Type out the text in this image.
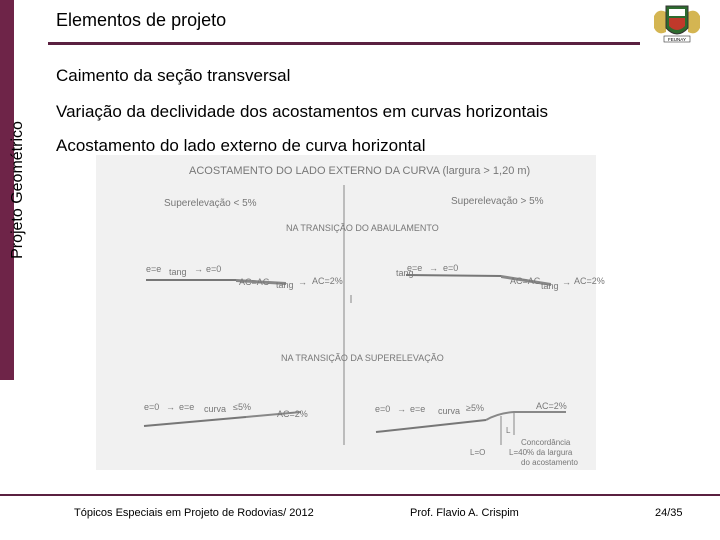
Projeto Geométrico
Elementos de projeto
FEUNAY
Caimento da seção transversal
Variação da declividade dos acostamentos em curvas horizontais
Acostamento do lado externo de curva horizontal
ACOSTAMENTO DO LADO EXTERNO DA CURVA (largura > 1,20 m)
Superelevação < 5%	Superelevação > 5%
NA TRANSIÇÃO DO ABAULAMENTO
NA TRANSIÇÃO DA SUPERELEVAÇÃO
e=e tang → e=0
AC=AC tang → AC=2%
e=e
tang → e=0
AC=AC tang → AC=2%
e=0 → e=e curva ≤5%
AC=2%	e=0 → e=e curva ≥5%	AC=2%
L
Concordância
L=40% da largura
do acostamento
L=O
Tópicos Especiais em Projeto de Rodovias/ 2012	Prof. Flavio A. Crispim	24/35
